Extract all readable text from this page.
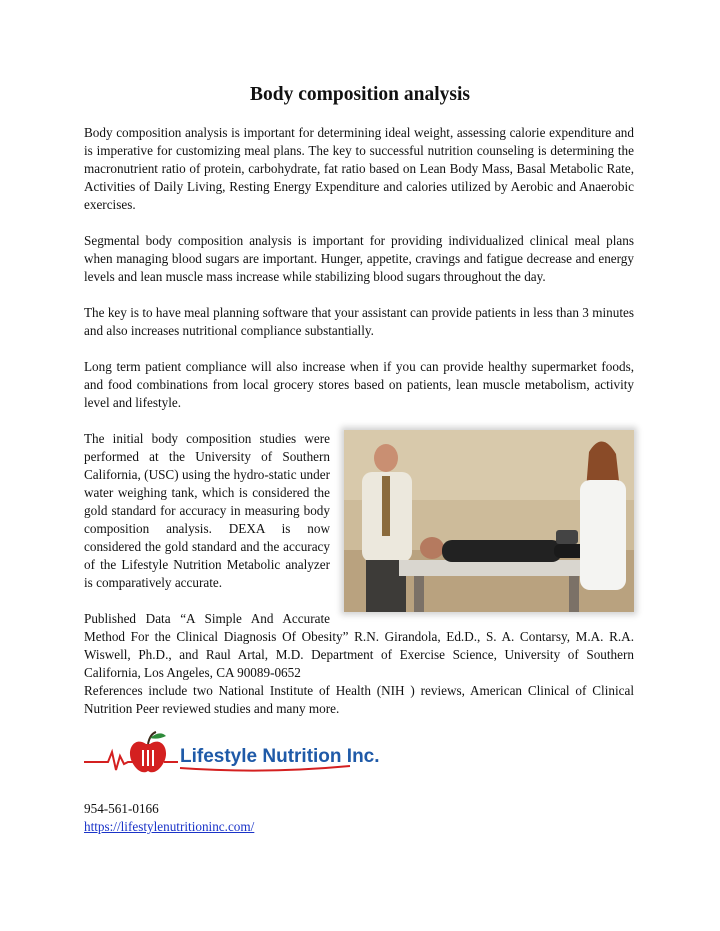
Body composition analysis

Body composition analysis is important for determining ideal weight, assessing calorie expenditure and is imperative for customizing meal plans. The key to successful nutrition counseling is determining the macronutrient ratio of protein, carbohydrate, fat ratio based on Lean Body Mass, Basal Metabolic Rate, Activities of Daily Living, Resting Energy Expenditure and calories utilized by Aerobic and Anaerobic exercises.

Segmental body composition analysis is important for providing individualized clinical meal plans when managing blood sugars are important. Hunger, appetite, cravings and fatigue decrease and energy levels and lean muscle mass increase while stabilizing blood sugars throughout the day.

The key is to have meal planning software that your assistant can provide patients in less than 3 minutes and also increases nutritional compliance substantially.

Long term patient compliance will also increase when if you can provide healthy supermarket foods, and food combinations from local grocery stores based on patients, lean muscle metabolism, activity level and lifestyle.

The initial body composition studies were performed at the University of Southern California, (USC) using the hydro-static under water weighing tank, which is considered the gold standard for accuracy in measuring body composition analysis. DEXA is now considered the gold standard and the accuracy of the Lifestyle Nutrition Metabolic analyzer is comparatively accurate.

Published Data “A Simple And Accurate Method For the Clinical Diagnosis Of Obesity” R.N. Girandola, Ed.D., S. A. Contarsy, M.A. R.A. Wiswell, Ph.D., and Raul Artal, M.D. Department of Exercise Science, University of Southern California, Los Angeles, CA 90089-0652

References include two National Institute of Health (NIH ) reviews, American Clinical of Clinical Nutrition Peer reviewed studies and many more.

Lifestyle Nutrition Inc.
954-561-0166
https://lifestylenutritioninc.com/
